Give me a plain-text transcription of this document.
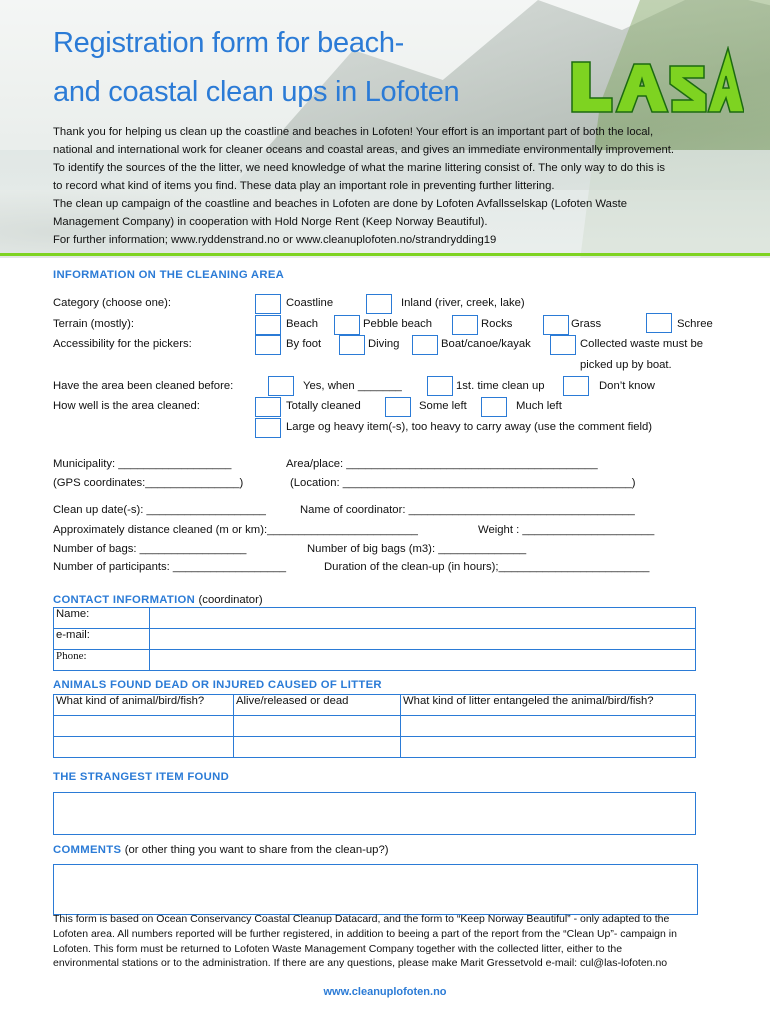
Registration form for beach-
and coastal clean ups in Lofoten
Thank you for helping us clean up the coastline and beaches in Lofoten! Your effort is an important part of both the local,
national and international work for cleaner oceans and coastal areas, and gives an immediate environmentally improvement.
To identify the sources of the the litter, we need knowledge of what the marine littering consist of. The only way to do this is
to record what kind of items you find. These data play an important role in preventing further littering.
The clean up campaign of the coastline and beaches in Lofoten are done by Lofoten Avfallsselskap (Lofoten Waste
Management Company) in cooperation with Hold Norge Rent (Keep Norway Beautiful).
For further information; www.ryddenstrand.no or www.cleanuplofoten.no/strandrydding19
INFORMATION ON THE CLEANING AREA
Category (choose one):	Coastline	Inland (river, creek, lake)
Terrain (mostly):	Beach	Pebble beach	Rocks	Grass	Schree
Accessibility for the pickers:	By foot	Diving	Boat/canoe/kayak	Collected waste must be
picked up by boat.
Have the area been cleaned before:	Yes, when _______	1st. time clean up	Don’t know
How well is the area cleaned:	Totally cleaned	Some left	Much left
Large og heavy item(-s), too heavy to carry away (use the comment field)
Municipality: __________________	Area/place: ________________________________________
(GPS coordinates:_______________)	(Location: ______________________________________________)
Clean up date(-s): ___________________	Name of coordinator: ____________________________________
Approximately distance cleaned (m or km):________________________	Weight : _____________________
Number of bags: _________________	Number of big bags (m3): ______________
Number of participants: __________________	Duration of the clean-up (in hours);________________________
CONTACT INFORMATION (coordinator)
Name:	
e-mail:	
Phone:	
ANIMALS FOUND DEAD OR INJURED CAUSED OF LITTER
What kind of animal/bird/fish?	Alive/released or dead	What kind of litter entangeled the animal/bird/fish?

THE STRANGEST ITEM FOUND
COMMENTS (or other thing you want to share from the clean-up?)
This form is based on Ocean Conservancy Coastal Cleanup Datacard, and the form to “Keep Norway Beautiful” - only adapted to the
Lofoten area. All numbers reported will be further registered, in addition to beeing a part of the report from the “Clean Up”- campaign in
Lofoten. This form must be returned to Lofoten Waste Management Company together with the collected litter, either to the
environmental stations or to the administration. If there are any questions, please make Marit Gressetvold e-mail: cul@las-lofoten.no
www.cleanuplofoten.no
